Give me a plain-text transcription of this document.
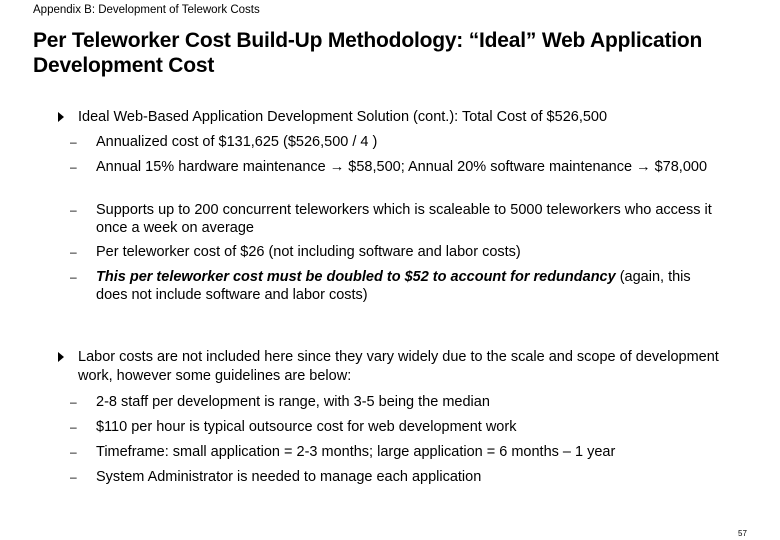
Appendix B: Development of Telework Costs
Per Teleworker Cost Build-Up Methodology: “Ideal” Web Application Development Cost
Ideal Web-Based Application Development Solution (cont.): Total Cost of $526,500
– Annualized cost of $131,625 ($526,500 / 4 )
– Annual 15% hardware maintenance → $58,500; Annual 20% software maintenance → $78,000
– Supports up to 200 concurrent teleworkers which is scaleable to 5000 teleworkers who access it once a week on average
– Per teleworker cost of $26 (not including software and labor costs)
– This per teleworker cost must be doubled to $52 to account for redundancy (again, this does not include software and labor costs)
Labor costs are not included here since they vary widely due to the scale and scope of development work, however some guidelines are below:
– 2-8 staff per development is range, with 3-5 being the median
– $110 per hour is typical outsource cost for web development work
– Timeframe: small application = 2-3 months; large application = 6 months – 1 year
– System Administrator is needed to manage each application
57
